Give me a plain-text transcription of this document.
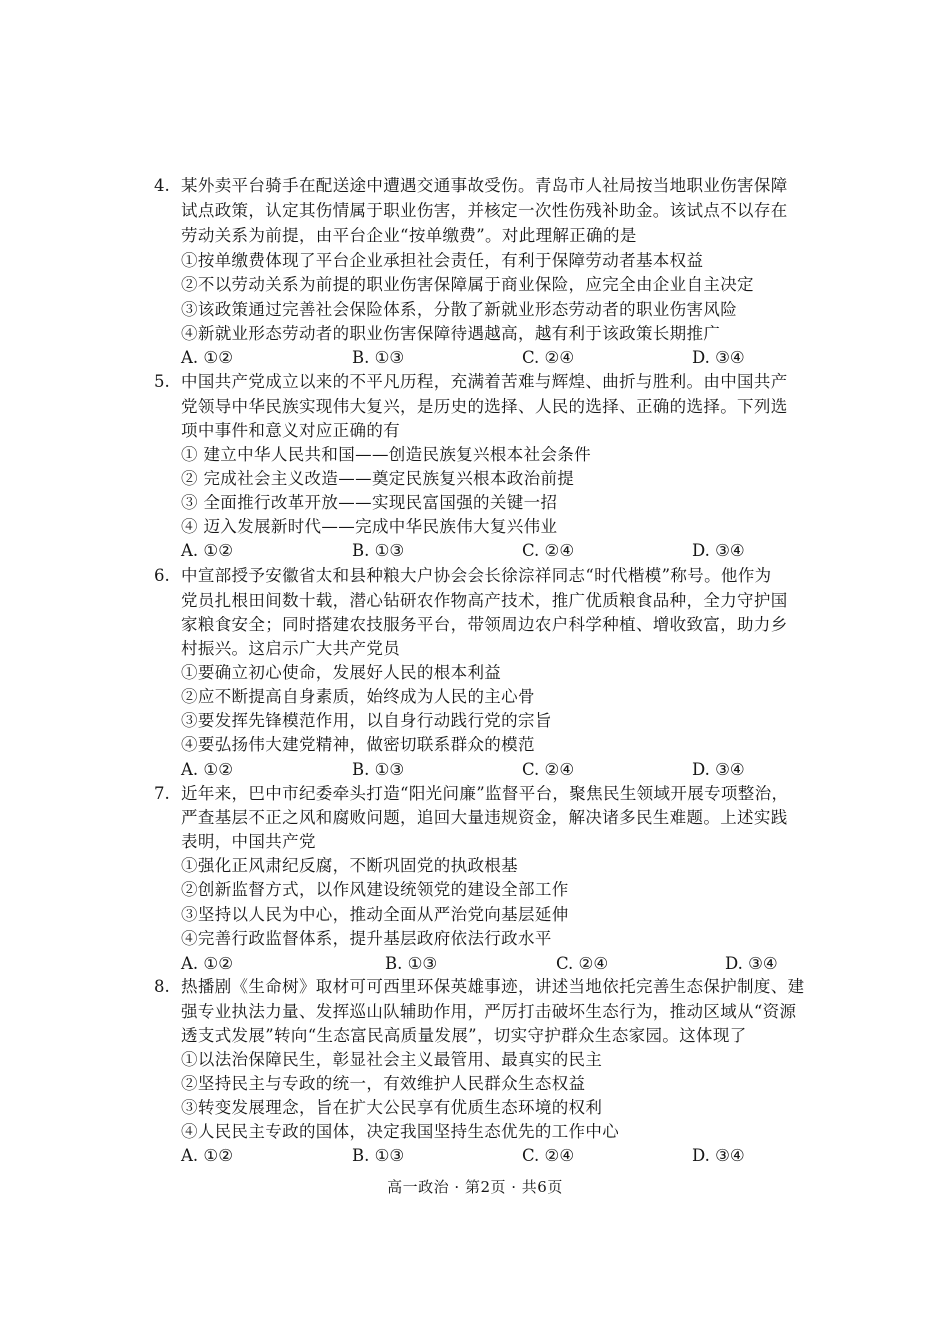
4. 某外卖平台骑手在配送途中遭遇交通事故受伤。青岛市人社局按当地职业伤害保障
试点政策，认定其伤情属于职业伤害，并核定一次性伤残补助金。该试点不以存在
劳动关系为前提，由平台企业“按单缴费”。对此理解正确的是
①按单缴费体现了平台企业承担社会责任，有利于保障劳动者基本权益
②不以劳动关系为前提的职业伤害保障属于商业保险，应完全由企业自主决定
③该政策通过完善社会保险体系，分散了新就业形态劳动者的职业伤害风险
④新就业形态劳动者的职业伤害保障待遇越高，越有利于该政策长期推广
A. ①②	B. ①③	C. ②④	D. ③④
5. 中国共产党成立以来的不平凡历程，充满着苦难与辉煌、曲折与胜利。由中国共产
党领导中华民族实现伟大复兴，是历史的选择、人民的选择、正确的选择。下列选
项中事件和意义对应正确的有
① 建立中华人民共和国——创造民族复兴根本社会条件
② 完成社会主义改造——奠定民族复兴根本政治前提
③ 全面推行改革开放——实现民富国强的关键一招
④ 迈入发展新时代——完成中华民族伟大复兴伟业
A. ①②	B. ①③	C. ②④	D. ③④
6. 中宣部授予安徽省太和县种粮大户协会会长徐淙祥同志“时代楷模”称号。他作为
党员扎根田间数十载，潜心钻研农作物高产技术，推广优质粮食品种，全力守护国
家粮食安全；同时搭建农技服务平台，带领周边农户科学种植、增收致富，助力乡
村振兴。这启示广大共产党员
①要确立初心使命，发展好人民的根本利益
②应不断提高自身素质，始终成为人民的主心骨
③要发挥先锋模范作用，以自身行动践行党的宗旨
④要弘扬伟大建党精神，做密切联系群众的模范
A. ①②	B. ①③	C. ②④	D. ③④
7. 近年来，巴中市纪委牵头打造“阳光问廉”监督平台，聚焦民生领域开展专项整治，
严查基层不正之风和腐败问题，追回大量违规资金，解决诸多民生难题。上述实践
表明，中国共产党
①强化正风肃纪反腐，不断巩固党的执政根基
②创新监督方式，以作风建设统领党的建设全部工作
③坚持以人民为中心，推动全面从严治党向基层延伸
④完善行政监督体系，提升基层政府依法行政水平
A. ①②	B. ①③	C. ②④	D. ③④
8. 热播剧《生命树》取材可可西里环保英雄事迹，讲述当地依托完善生态保护制度、建
强专业执法力量、发挥巡山队辅助作用，严厉打击破坏生态行为，推动区域从“资源
透支式发展”转向“生态富民高质量发展”，切实守护群众生态家园。这体现了
①以法治保障民生，彰显社会主义最管用、最真实的民主
②坚持民主与专政的统一，有效维护人民群众生态权益
③转变发展理念，旨在扩大公民享有优质生态环境的权利
④人民民主专政的国体，决定我国坚持生态优先的工作中心
A. ①②	B. ①③	C. ②④	D. ③④
高一政治 · 第2页 · 共6页
